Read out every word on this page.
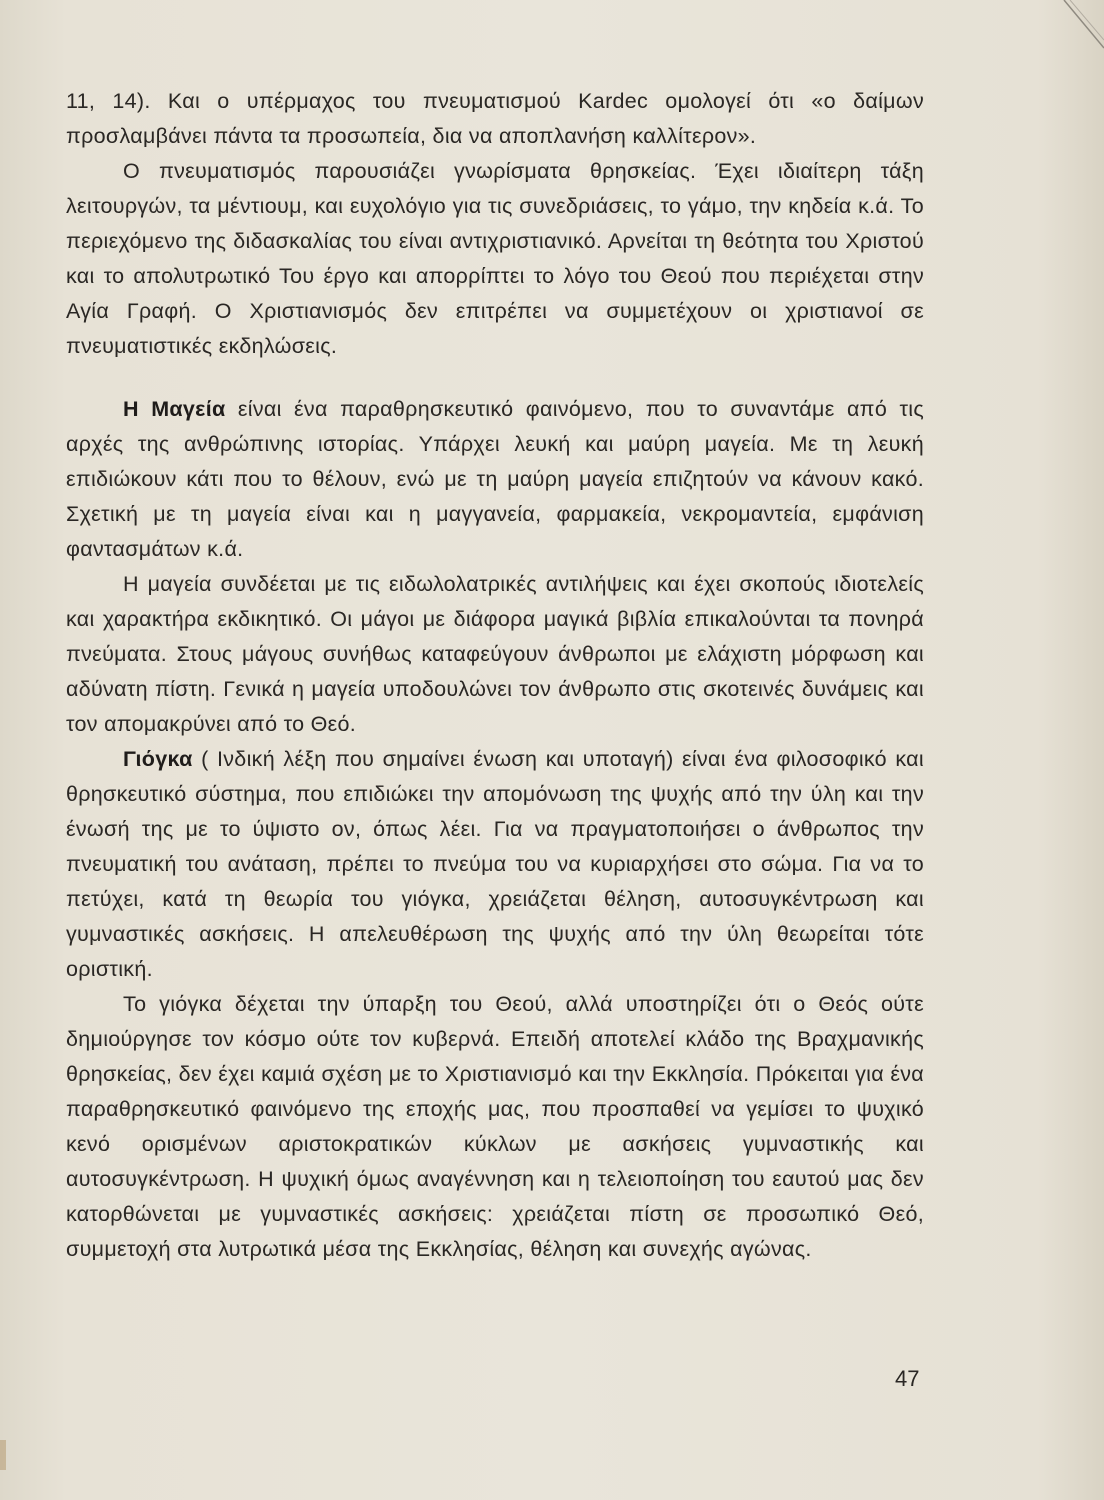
11, 14). Και ο υπέρμαχος του πνευματισμού Kardec ομολογεί ότι «ο δαίμων προσλαμβάνει πάντα τα προσωπεία, δια να αποπλανήση καλλίτερον».

Ο πνευματισμός παρουσιάζει γνωρίσματα θρησκείας. Έχει ιδιαίτερη τάξη λειτουργών, τα μέντιουμ, και ευχολόγιο για τις συνεδριάσεις, το γάμο, την κηδεία κ.ά. Το περιεχόμενο της διδασκαλίας του είναι αντιχριστιανικό. Αρνείται τη θεότητα του Χριστού και το απολυτρωτικό Του έργο και απορρίπτει το λόγο του Θεού που περιέχεται στην Αγία Γραφή. Ο Χριστιανισμός δεν επιτρέπει να συμμετέχουν οι χριστιανοί σε πνευματιστικές εκδηλώσεις.

Η Μαγεία είναι ένα παραθρησκευτικό φαινόμενο, που το συναντάμε από τις αρχές της ανθρώπινης ιστορίας. Υπάρχει λευκή και μαύρη μαγεία. Με τη λευκή επιδιώκουν κάτι που το θέλουν, ενώ με τη μαύρη μαγεία επιζητούν να κάνουν κακό. Σχετική με τη μαγεία είναι και η μαγγανεία, φαρμακεία, νεκρομαντεία, εμφάνιση φαντασμάτων κ.ά.

Η μαγεία συνδέεται με τις ειδωλολατρικές αντιλήψεις και έχει σκοπούς ιδιοτελείς και χαρακτήρα εκδικητικό. Οι μάγοι με διάφορα μαγικά βιβλία επικαλούνται τα πονηρά πνεύματα. Στους μάγους συνήθως καταφεύγουν άνθρωποι με ελάχιστη μόρφωση και αδύνατη πίστη. Γενικά η μαγεία υποδουλώνει τον άνθρωπο στις σκοτεινές δυνάμεις και τον απομακρύνει από το Θεό.

Γιόγκα ( Ινδική λέξη που σημαίνει ένωση και υποταγή) είναι ένα φιλοσοφικό και θρησκευτικό σύστημα, που επιδιώκει την απομόνωση της ψυχής από την ύλη και την ένωσή της με το ύψιστο ον, όπως λέει. Για να πραγματοποιήσει ο άνθρωπος την πνευματική του ανάταση, πρέπει το πνεύμα του να κυριαρχήσει στο σώμα. Για να το πετύχει, κατά τη θεωρία του γιόγκα, χρειάζεται θέληση, αυτοσυγκέντρωση και γυμναστικές ασκήσεις. Η απελευθέρωση της ψυχής από την ύλη θεωρείται τότε οριστική.

Το γιόγκα δέχεται την ύπαρξη του Θεού, αλλά υποστηρίζει ότι ο Θεός ούτε δημιούργησε τον κόσμο ούτε τον κυβερνά. Επειδή αποτελεί κλάδο της Βραχμανικής θρησκείας, δεν έχει καμιά σχέση με το Χριστιανισμό και την Εκκλησία. Πρόκειται για ένα παραθρησκευτικό φαινόμενο της εποχής μας, που προσπαθεί να γεμίσει το ψυχικό κενό ορισμένων αριστοκρατικών κύκλων με ασκήσεις γυμναστικής και αυτοσυγκέντρωση. Η ψυχική όμως αναγέννηση και η τελειοποίηση του εαυτού μας δεν κατορθώνεται με γυμναστικές ασκήσεις: χρειάζεται πίστη σε προσωπικό Θεό, συμμετοχή στα λυτρωτικά μέσα της Εκκλησίας, θέληση και συνεχής αγώνας.

47
